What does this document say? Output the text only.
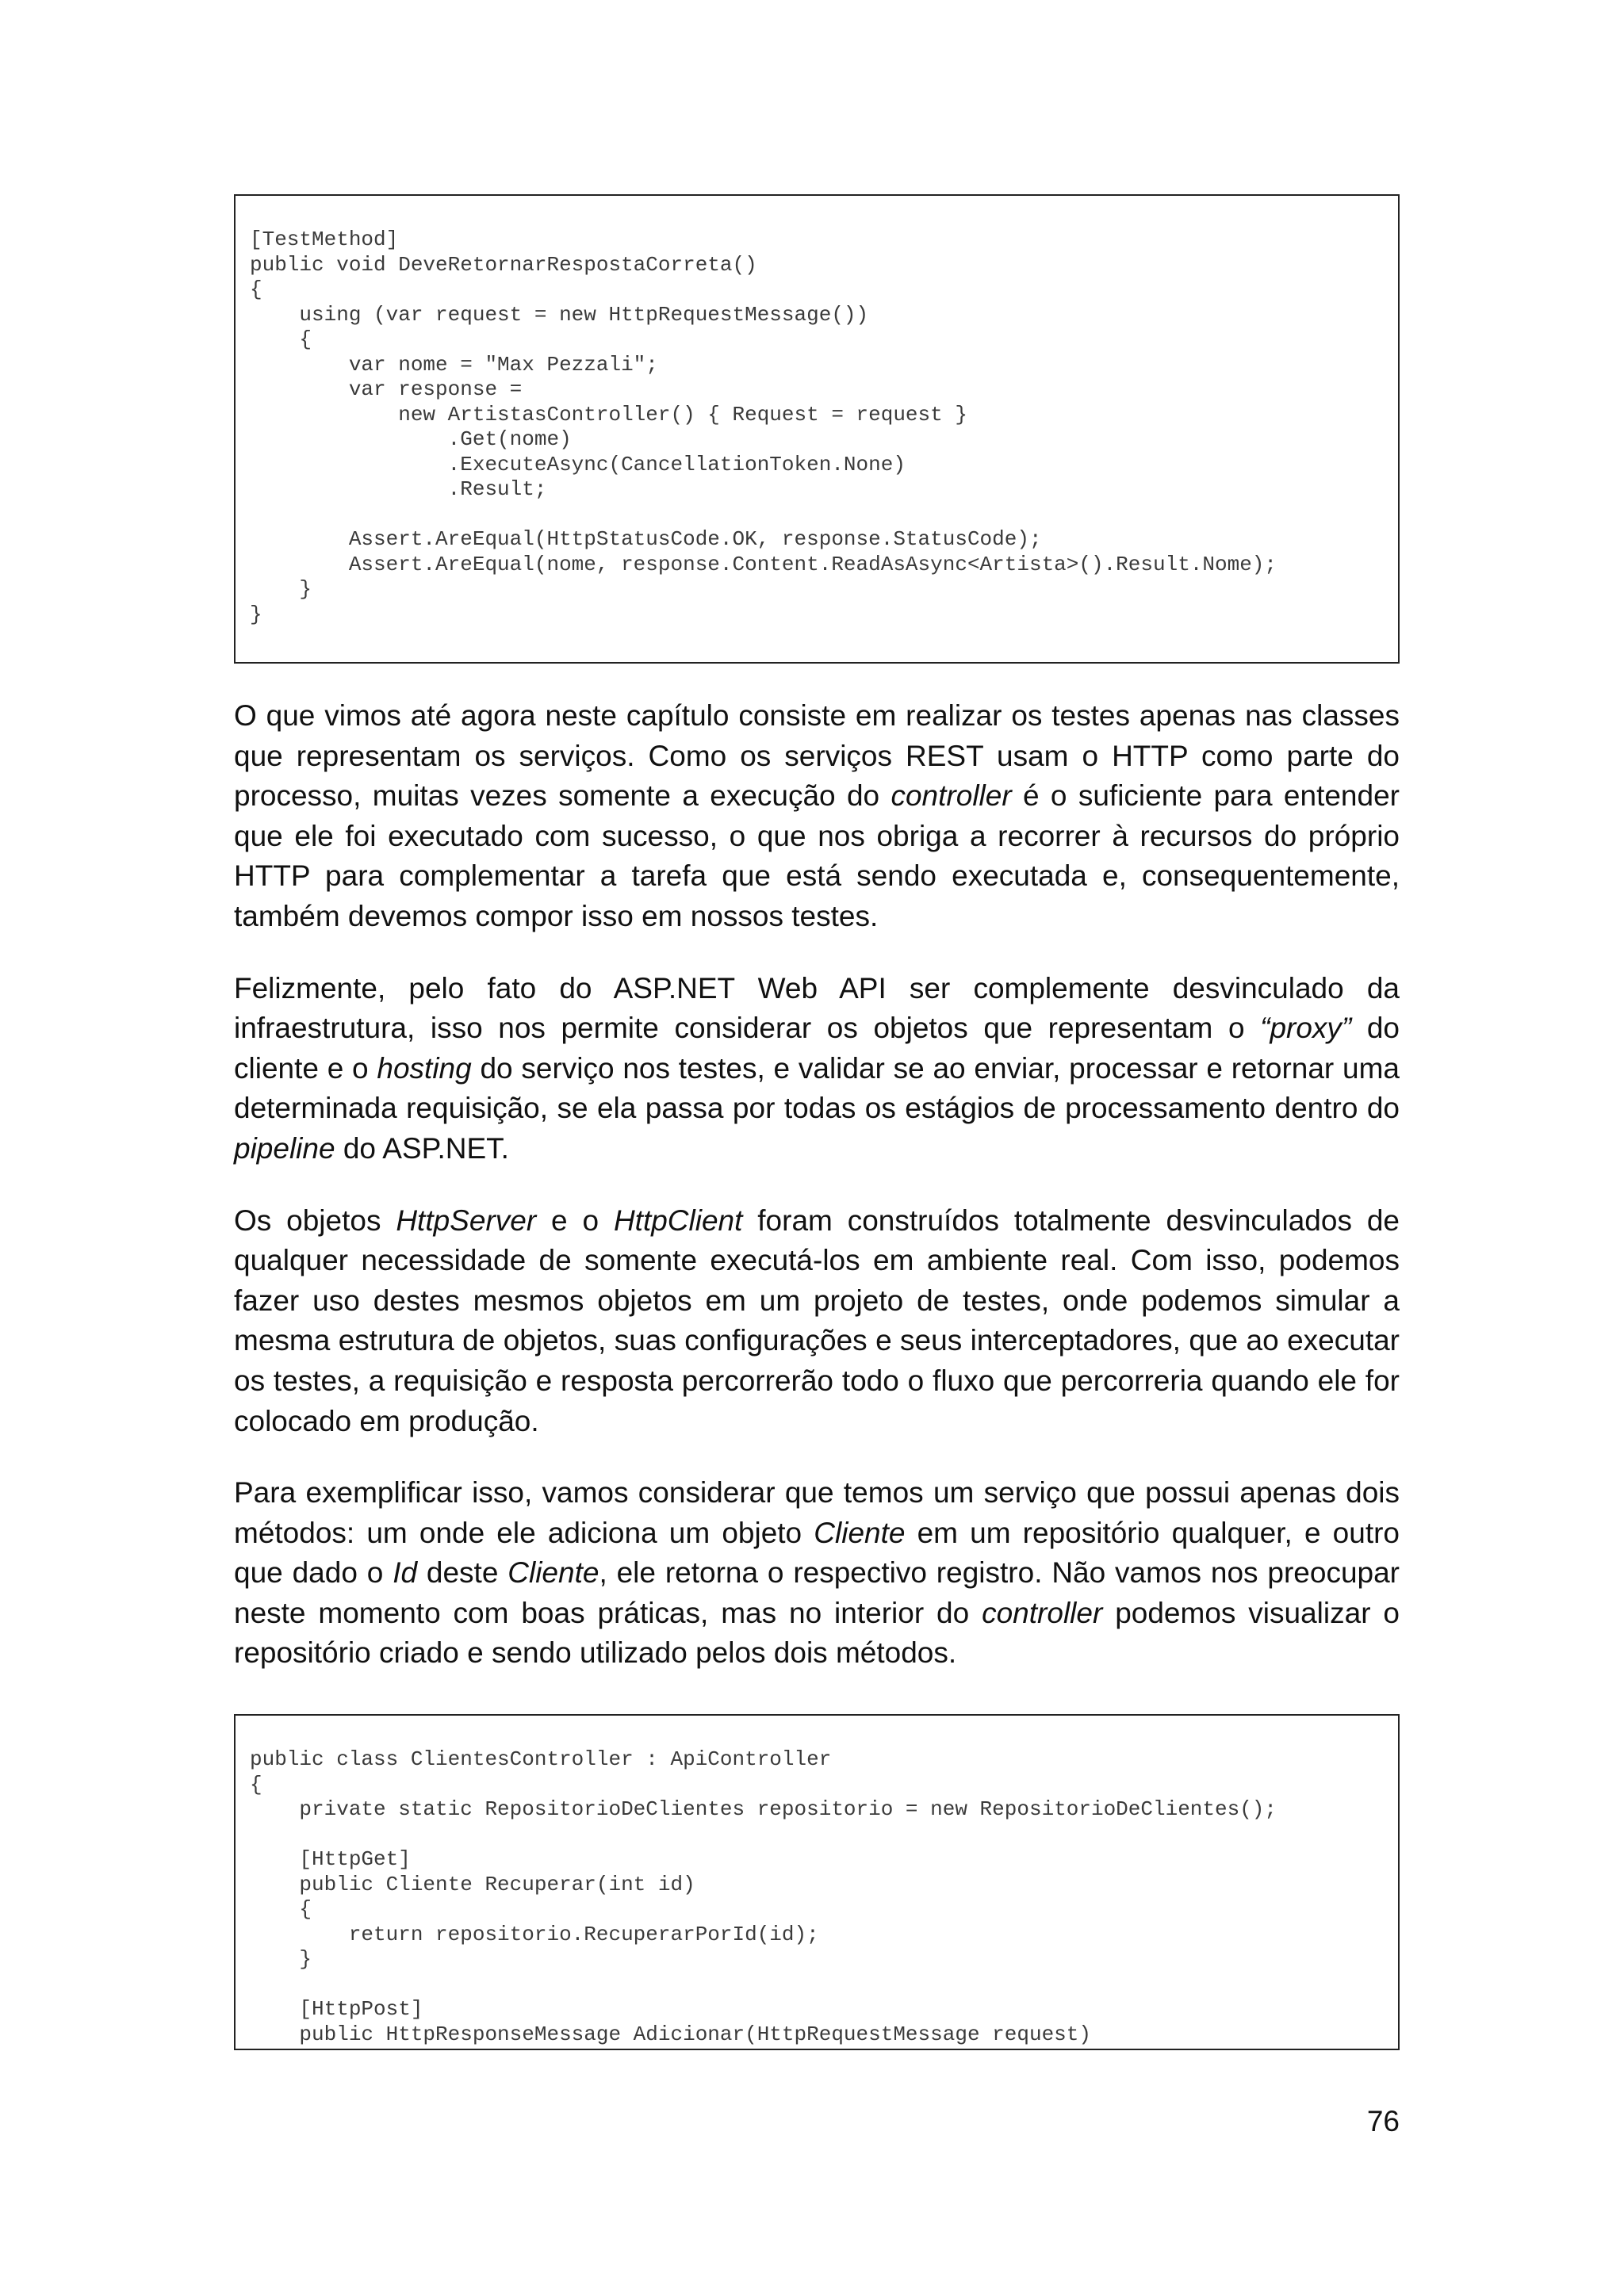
[TestMethod]
public void DeveRetornarRespostaCorreta()
{
using (var request = new HttpRequestMessage())
{
var nome = "Max Pezzali";
var response =
new ArtistasController() { Request = request }
.Get(nome)
.ExecuteAsync(CancellationToken.None)
.Result;
Assert.AreEqual(HttpStatusCode.OK, response.StatusCode);
Assert.AreEqual(nome, response.Content.ReadAsAsync<Artista>().Result.Nome);
}
}

O que vimos até agora neste capítulo consiste em realizar os testes apenas nas classes que representam os serviços. Como os serviços REST usam o HTTP como parte do processo, muitas vezes somente a execução do controller é o suficiente para entender que ele foi executado com sucesso, o que nos obriga a recorrer à recursos do próprio HTTP para complementar a tarefa que está sendo executada e, consequentemente, também devemos compor isso em nossos testes.

Felizmente, pelo fato do ASP.NET Web API ser complemente desvinculado da infraestrutura, isso nos permite considerar os objetos que representam o “proxy” do cliente e o hosting do serviço nos testes, e validar se ao enviar, processar e retornar uma determinada requisição, se ela passa por todas os estágios de processamento dentro do pipeline do ASP.NET.

Os objetos HttpServer e o HttpClient foram construídos totalmente desvinculados de qualquer necessidade de somente executá-los em ambiente real. Com isso, podemos fazer uso destes mesmos objetos em um projeto de testes, onde podemos simular a mesma estrutura de objetos, suas configurações e seus interceptadores, que ao executar os testes, a requisição e resposta percorrerão todo o fluxo que percorreria quando ele for colocado em produção.

Para exemplificar isso, vamos considerar que temos um serviço que possui apenas dois métodos: um onde ele adiciona um objeto Cliente em um repositório qualquer, e outro que dado o Id deste Cliente, ele retorna o respectivo registro. Não vamos nos preocupar neste momento com boas práticas, mas no interior do controller podemos visualizar o repositório criado e sendo utilizado pelos dois métodos.

public class ClientesController : ApiController
{
private static RepositorioDeClientes repositorio = new RepositorioDeClientes();
[HttpGet]
public Cliente Recuperar(int id)
{
return repositorio.RecuperarPorId(id);
}
[HttpPost]
public HttpResponseMessage Adicionar(HttpRequestMessage request)
76
